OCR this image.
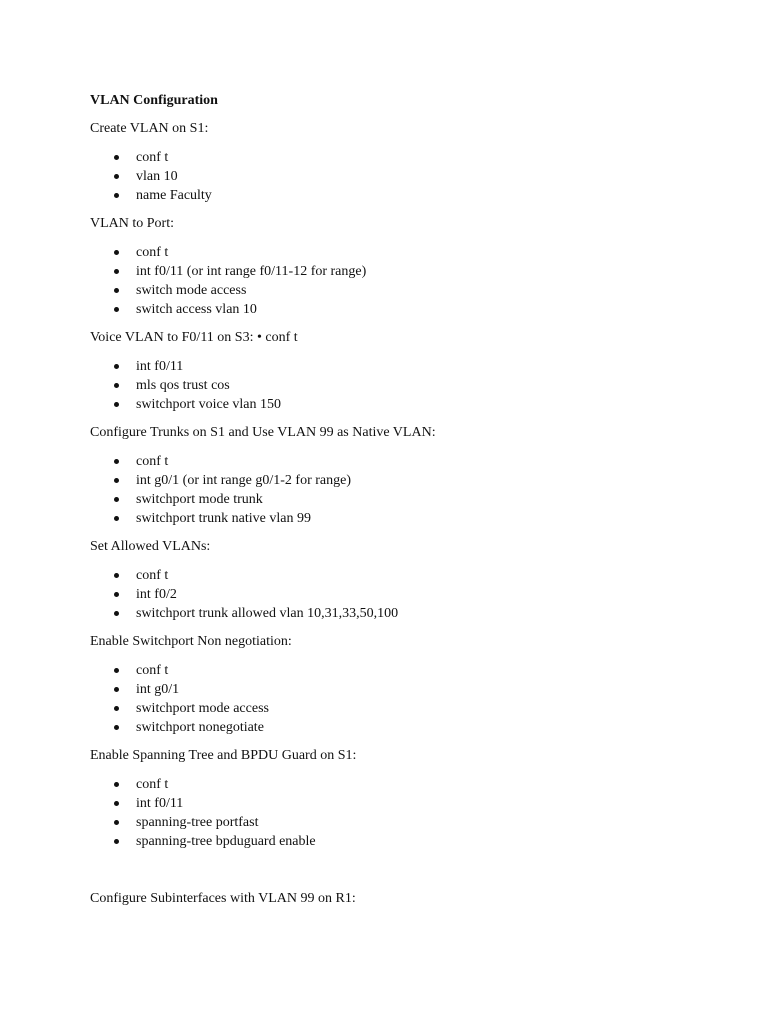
VLAN Configuration

Create VLAN on S1:

conf t
vlan 10
name Faculty

VLAN to Port:

conf t
int f0/11 (or int range f0/11-12 for range)
switch mode access
switch access vlan 10

Voice VLAN to F0/11 on S3: • conf t

int f0/11
mls qos trust cos
switchport voice vlan 150

Configure Trunks on S1 and Use VLAN 99 as Native VLAN:

conf t
int g0/1 (or int range g0/1-2 for range)
switchport mode trunk
switchport trunk native vlan 99

Set Allowed VLANs:

conf t
int f0/2
switchport trunk allowed vlan 10,31,33,50,100

Enable Switchport Non negotiation:

conf t
int g0/1
switchport mode access
switchport nonegotiate

Enable Spanning Tree and BPDU Guard on S1:

conf t
int f0/11
spanning-tree portfast
spanning-tree bpduguard enable

Configure Subinterfaces with VLAN 99 on R1:
